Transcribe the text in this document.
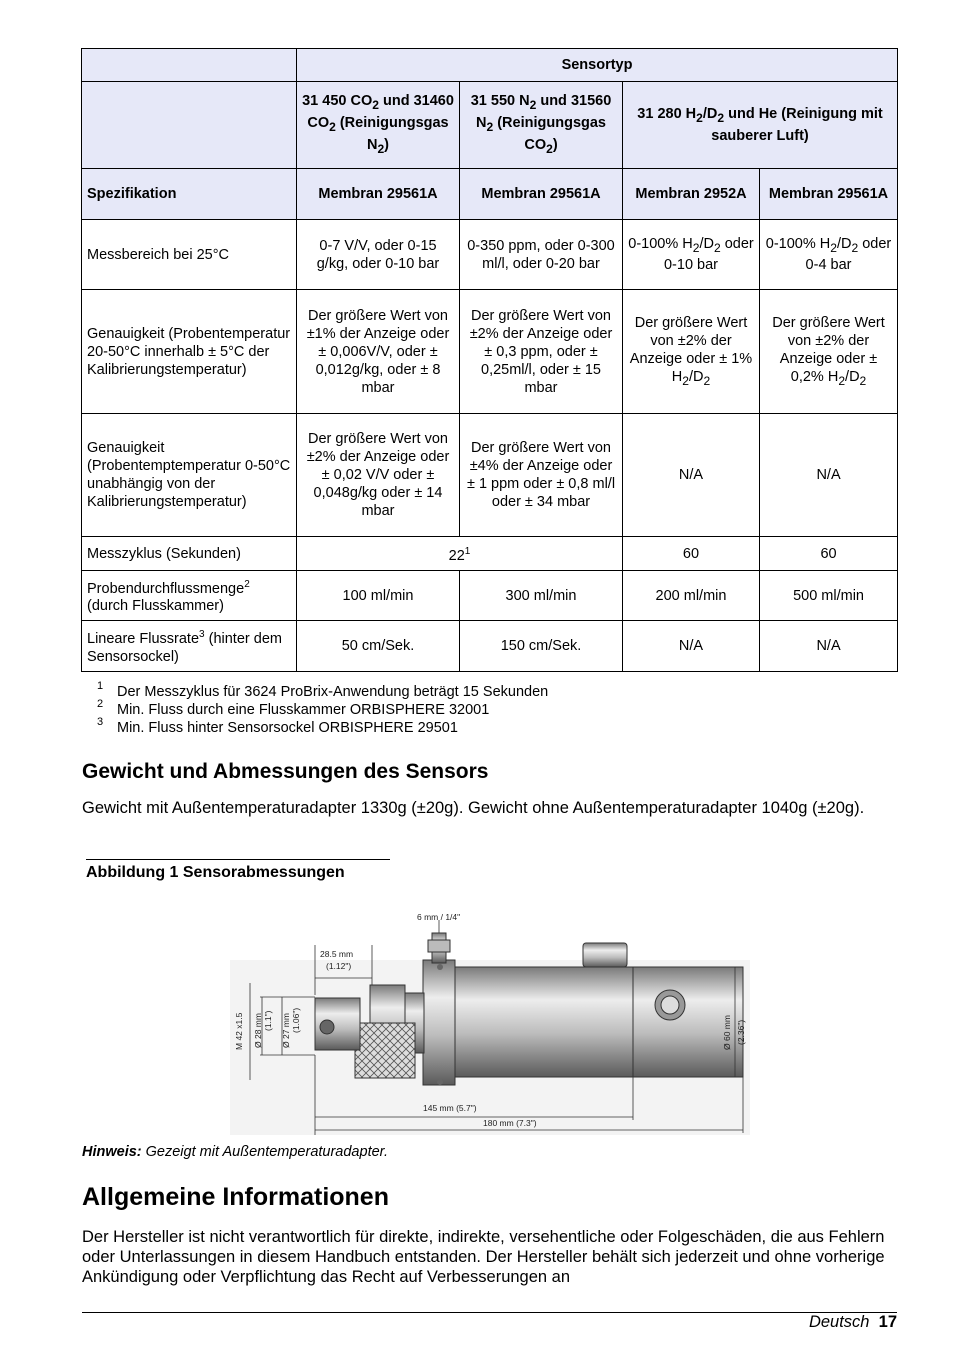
	Sensortyp			
	31 450 $CO_2$ und 31460 $CO_2$ (Reinigungsgas $N_2$)	31 550 $N_2$ und 31560 $N_2$ (Reinigungsgas $CO_2$)	31 280 $H_2/D_2$ und He (Reinigung mit sauberer Luft)	
Spezifikation	Membran 29561A	Membran 29561A	Membran 2952A	Membran 29561A
Messbereich bei 25°C	0-7 V/V, oder 0-15 g/kg, oder 0-10 bar	0-350 ppm, oder 0-300 ml/l, oder 0-20 bar	0-100% $H_2/D_2$ oder 0-10 bar	0-100% $H_2/D_2$ oder 0-4 bar
Genauigkeit (Probentemperatur 20-50°C innerhalb ± 5°C der Kalibrierungstemperatur)	Der größere Wert von ±1% der Anzeige oder ± 0,006V/V, oder ± 0,012g/kg, oder ± 8 mbar	Der größere Wert von ±2% der Anzeige oder ± 0,3 ppm, oder ± 0,25ml/l, oder ± 15 mbar	Der größere Wert von ±2% der Anzeige oder ± 1% $H_2/D_2$	Der größere Wert von ±2% der Anzeige oder ± 0,2% $H_2/D_2$
Genauigkeit (Probentemptemperatur 0-50°C unabhängig von der Kalibrierungstemperatur)	Der größere Wert von ±2% der Anzeige oder ± 0,02 V/V oder ± 0,048g/kg oder ± 14 mbar	Der größere Wert von ±4% der Anzeige oder ± 1 ppm oder ± 0,8 ml/l oder ± 34 mbar	N/A	N/A
Messzyklus (Sekunden)	$22^1$		60	60
Probendurchflussmenge$^2$ (durch Flusskammer)	100 ml/min	300 ml/min	200 ml/min	500 ml/min
Lineare Flussrate$^3$ (hinter dem Sensorsockel)	50 cm/Sek.	150 cm/Sek.	N/A	N/A
1 Der Messzyklus für 3624 ProBrix-Anwendung beträgt 15 Sekunden
2 Min. Fluss durch eine Flusskammer ORBISPHERE 32001
3 Min. Fluss hinter Sensorsockel ORBISPHERE 29501
Gewicht und Abmessungen des Sensors

Gewicht mit Außentemperaturadapter 1330g (±20g). Gewicht ohne Außentemperaturadapter 1040g (±20g).

Abbildung 1 Sensorabmessungen
6 mm / 1/4"
28.5 mm
(1.12")
M 42 x1.5 Ø 28 mm (1.1") Ø 27 mm (1.06")	Ø 60 mm (2.36")
145 mm (5.7")
180 mm (7.3")
Hinweis: Gezeigt mit Außentemperaturadapter.
Allgemeine Informationen

Der Hersteller ist nicht verantwortlich für direkte, indirekte, versehentliche oder Folgeschäden, die aus Fehlern oder Unterlassungen in diesem Handbuch entstanden. Der Hersteller behält sich jederzeit und ohne vorherige Ankündigung oder Verpflichtung das Recht auf Verbesserungen an

Deutsch 17
